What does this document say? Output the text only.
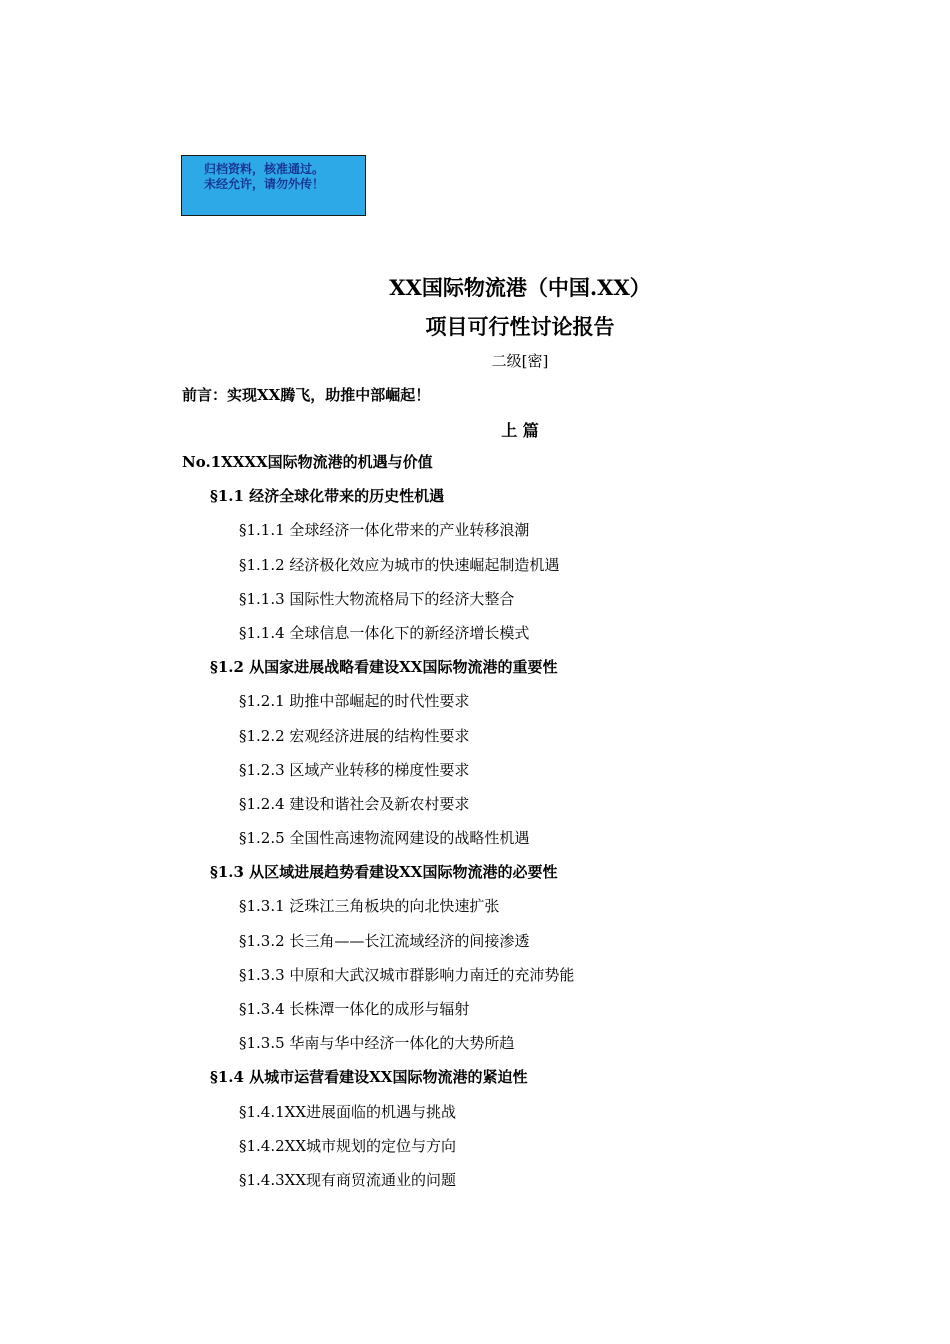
归档资料，核准通过。
未经允许，请勿外传！
XX国际物流港（中国.XX）
项目可行性讨论报告
二级[密]
前言：实现XX腾飞，助推中部崛起！
上 篇
No.1XXXX国际物流港的机遇与价值
§1.1 经济全球化带来的历史性机遇
§1.1.1 全球经济一体化带来的产业转移浪潮
§1.1.2 经济极化效应为城市的快速崛起制造机遇
§1.1.3 国际性大物流格局下的经济大整合
§1.1.4 全球信息一体化下的新经济增长模式
§1.2 从国家进展战略看建设XX国际物流港的重要性
§1.2.1 助推中部崛起的时代性要求
§1.2.2 宏观经济进展的结构性要求
§1.2.3 区域产业转移的梯度性要求
§1.2.4 建设和谐社会及新农村要求
§1.2.5 全国性高速物流网建设的战略性机遇
§1.3 从区域进展趋势看建设XX国际物流港的必要性
§1.3.1 泛珠江三角板块的向北快速扩张
§1.3.2 长三角——长江流域经济的间接渗透
§1.3.3 中原和大武汉城市群影响力南迁的充沛势能
§1.3.4 长株潭一体化的成形与辐射
§1.3.5 华南与华中经济一体化的大势所趋
§1.4 从城市运营看建设XX国际物流港的紧迫性
§1.4.1XX进展面临的机遇与挑战
§1.4.2XX城市规划的定位与方向
§1.4.3XX现有商贸流通业的问题
